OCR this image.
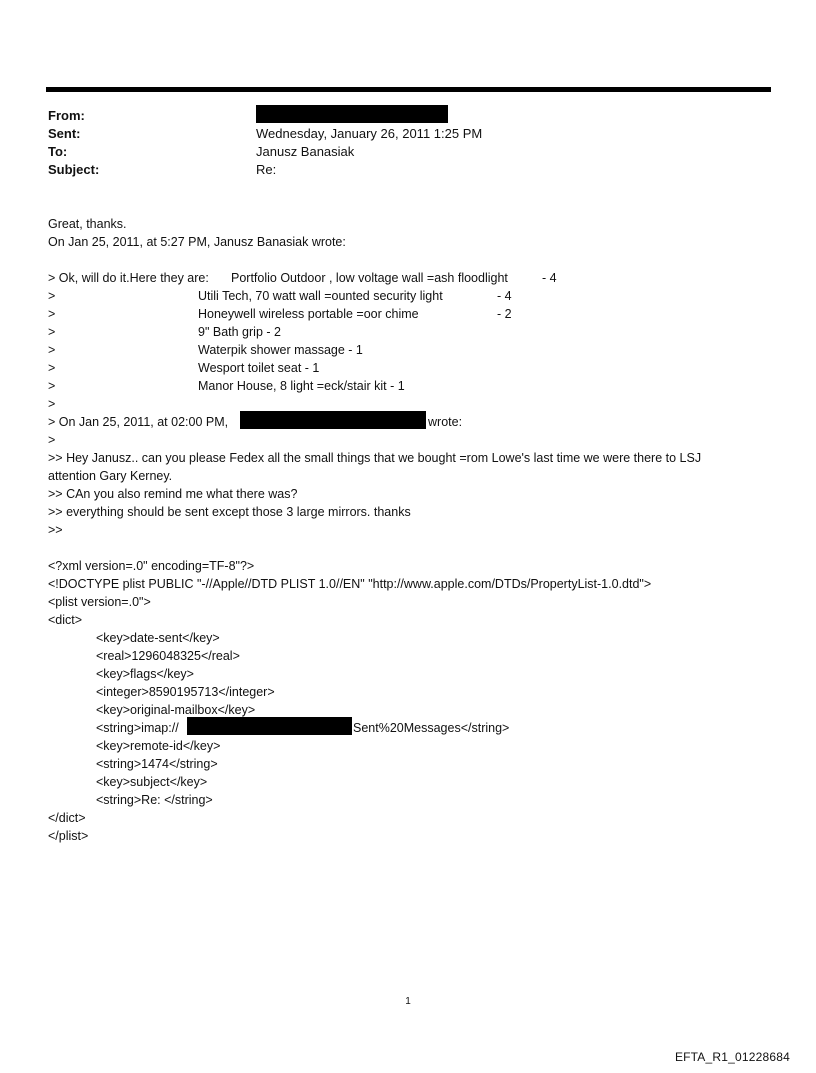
From:
Sent:	Wednesday, January 26, 2011 1:25 PM
To:	Janusz Banasiak
Subject:	Re:
Great, thanks.
On Jan 25, 2011, at 5:27 PM, Janusz Banasiak wrote:
> Ok, will do it.Here they are: Portfolio Outdoor , low voltage wall =ash floodlight	- 4
>	Utili Tech, 70 watt wall =ounted security light	- 4
>	Honeywell wireless portable =oor chime	- 2
>	9" Bath grip - 2
>	Waterpik shower massage - 1
>	Wesport toilet seat - 1
>	Manor House, 8 light =eck/stair kit - 1
>
> On Jan 25, 2011, at 02:00 PM,	wrote:
>
>> Hey Janusz.. can you please Fedex all the small things that we bought =rom Lowe's last time we were there to LSJ
attention Gary Kerney.
>> CAn you also remind me what there was?
>> everything should be sent except those 3 large mirrors. thanks
>>
<?xml version=.0" encoding=TF-8"?>
<!DOCTYPE plist PUBLIC "-//Apple//DTD PLIST 1.0//EN" "http://www.apple.com/DTDs/PropertyList-1.0.dtd">
<plist version=.0">
<dict>
<key>date-sent</key>
<real>1296048325</real>
<key>flags</key>
<integer>8590195713</integer>
<key>original-mailbox</key>
<string>imap://	Sent%20Messages</string>
<key>remote-id</key>
<string>1474</string>
<key>subject</key>
<string>Re: </string>
</dict>
</plist>
1
EFTA_R1_01228684
